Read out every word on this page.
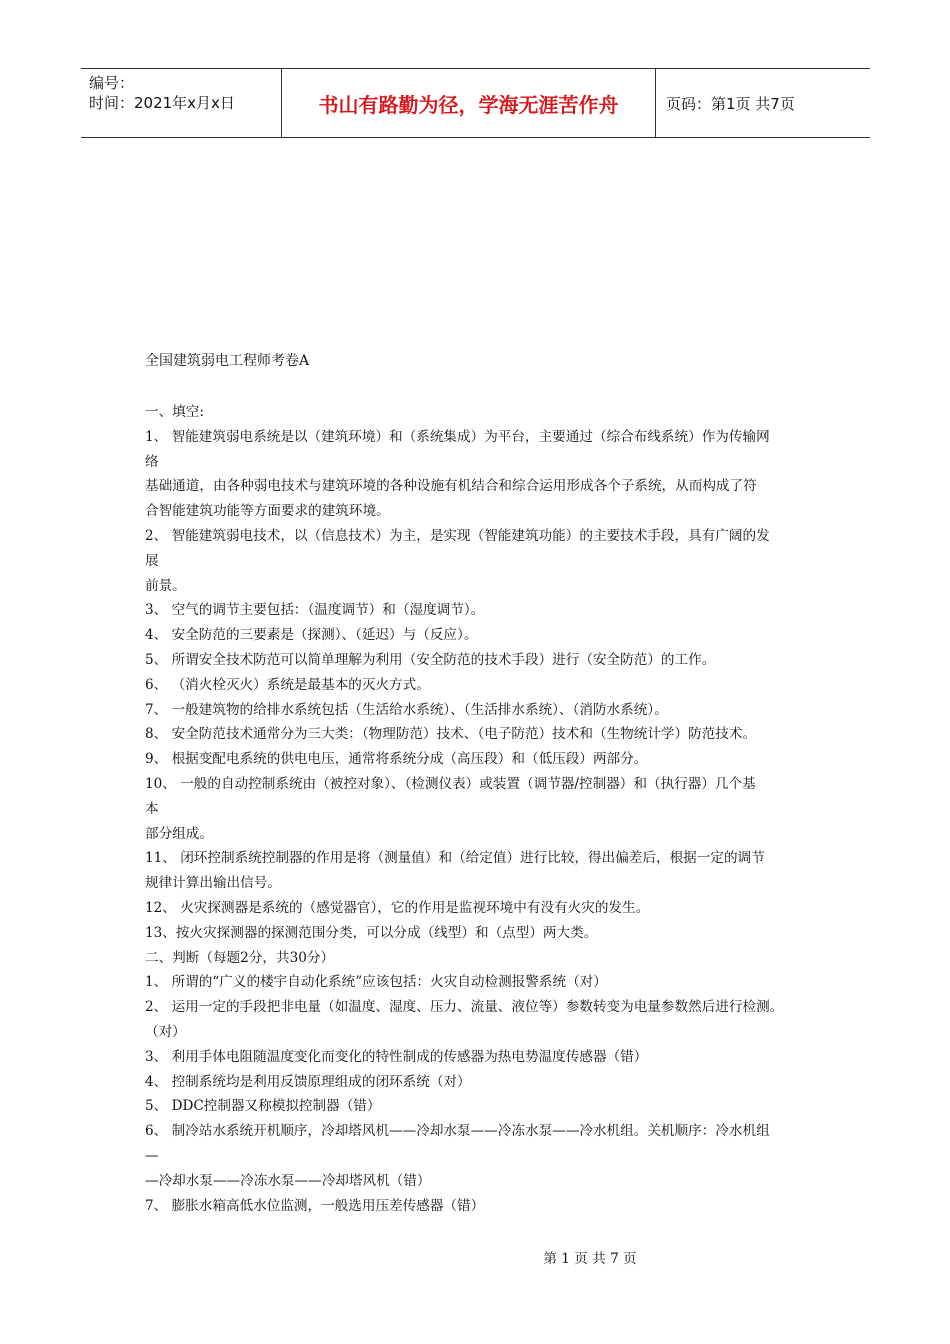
编号：
时间：2021年x月x日	书山有路勤为径，学海无涯苦作舟	页码：第1页 共7页
全国建筑弱电工程师考卷A
一、填空:
1、 智能建筑弱电系统是以（建筑环境）和（系统集成）为平台，主要通过（综合布线系统）作为传输网
络
基础通道，由各种弱电技术与建筑环境的各种设施有机结合和综合运用形成各个子系统，从而构成了符
合智能建筑功能等方面要求的建筑环境。
2、 智能建筑弱电技术，以（信息技术）为主，是实现（智能建筑功能）的主要技术手段，具有广阔的发
展
前景。
3、 空气的调节主要包括：（温度调节）和（湿度调节）。
4、 安全防范的三要素是（探测）、（延迟）与（反应）。
5、 所谓安全技术防范可以简单理解为利用（安全防范的技术手段）进行（安全防范）的工作。
6、 （消火栓灭火）系统是最基本的灭火方式。
7、 一般建筑物的给排水系统包括（生活给水系统）、（生活排水系统）、（消防水系统）。
8、 安全防范技术通常分为三大类：（物理防范）技术、（电子防范）技术和（生物统计学）防范技术。
9、 根据变配电系统的供电电压，通常将系统分成（高压段）和（低压段）两部分。
10、 一般的自动控制系统由（被控对象）、（检测仪表）或装置（调节器/控制器）和（执行器）几个基
本
部分组成。
11、 闭环控制系统控制器的作用是将（测量值）和（给定值）进行比较，得出偏差后，根据一定的调节
规律计算出输出信号。
12、 火灾探测器是系统的（感觉器官），它的作用是监视环境中有没有火灾的发生。
13、按火灾探测器的探测范围分类，可以分成（线型）和（点型）两大类。
二、判断（每题2分，共30分）
1、 所谓的“广义的楼宇自动化系统”应该包括：火灾自动检测报警系统（对）
2、 运用一定的手段把非电量（如温度、湿度、压力、流量、液位等）参数转变为电量参数然后进行检测。
（对）
3、 利用手体电阻随温度变化而变化的特性制成的传感器为热电势温度传感器（错）
4、 控制系统均是利用反馈原理组成的闭环系统（对）
5、 DDC控制器又称模拟控制器（错）
6、 制冷站水系统开机顺序，冷却塔风机——冷却水泵——冷冻水泵——冷水机组。关机顺序：冷水机组
—
—冷却水泵——冷冻水泵——冷却塔风机（错）
7、 膨胀水箱高低水位监测，一般选用压差传感器（错）
第 1 页 共 7 页
